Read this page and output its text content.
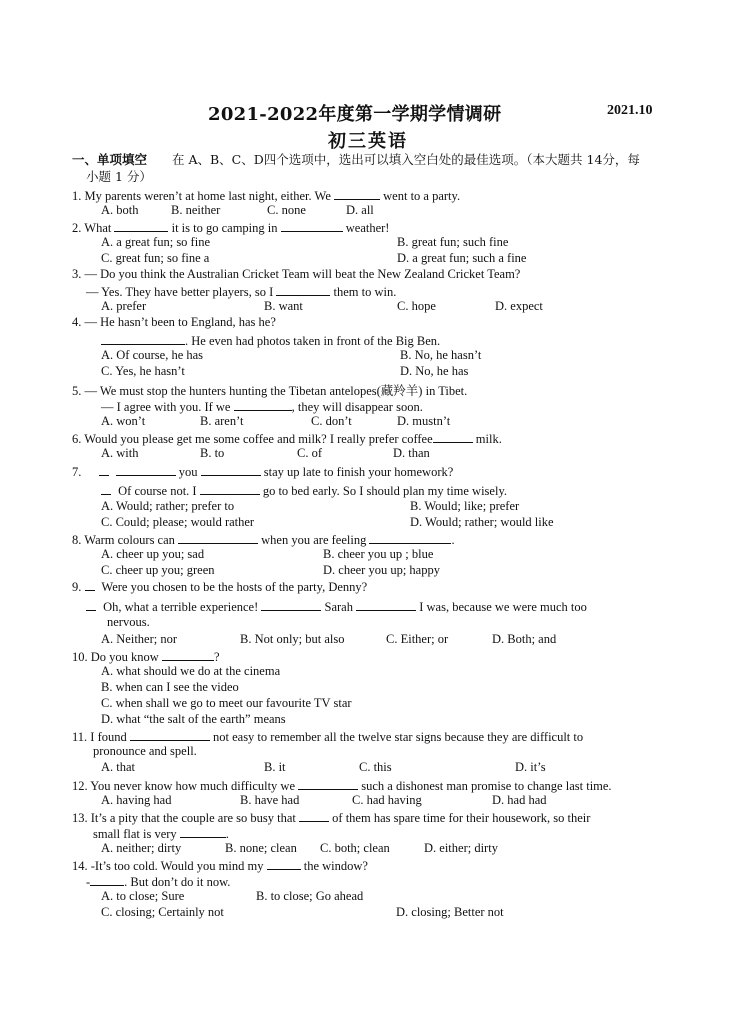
2021-2022年度第一学期学情调研	2021.10
初三英语
一、单项填空 在 A、B、C、D四个选项中，选出可以填入空白处的最佳选项。（本大题共 14分，每
小题 1 分）
1. My parents weren’t at home last night, either. We	went to a party.
A. both	B. neither	C. none	D. all
2. What	it is to go camping in	weather!
A. a great fun; so fine	B. great fun; such fine
C. great fun; so fine a	D. a great fun; such a fine
3. — Do you think the Australian Cricket Team will beat the New Zealand Cricket Team?
— Yes. They have better players, so I	them to win.
A. prefer	B. want	C. hope	D. expect
4. — He hasn’t been to England, has he?
. He even had photos taken in front of the Big Ben.
A. Of course, he has	B. No, he hasn’t
C. Yes, he hasn’t	D. No, he has
5. — We must stop the hunters hunting the Tibetan antelopes(藏羚羊) in Tibet.
— I agree with you. If we	, they will disappear soon.
A. won’t	B. aren’t	C. don’t	D. mustn’t
6. Would you please get me some coffee and milk? I really prefer coffee	milk.
A. with	B. to	C. of	D. than
7.	you	stay up late to finish your homework?
Of course not. I	go to bed early. So I should plan my time wisely.
A. Would; rather; prefer to	B. Would; like; prefer
C. Could; please; would rather	D. Would; rather; would like
8. Warm colours can	when you are feeling	.
A. cheer up you; sad	B. cheer you up ; blue
C. cheer up you; green	D. cheer you up; happy
9. Were you chosen to be the hosts of the party, Denny?
Oh, what a terrible experience!	Sarah	I was, because we were much too
nervous.
A. Neither; nor	B. Not only; but also	C. Either; or	D. Both; and
10. Do you know	?
A. what should we do at the cinema
B. when can I see the video
C. when shall we go to meet our favourite TV star
D. what “the salt of the earth” means
11. I found	not easy to remember all the twelve star signs because they are difficult to
pronounce and spell.
A. that	B. it	C. this	D. it’s
12. You never know how much difficulty we	such a dishonest man promise to change last time.
A. having had	B. have had	C. had having	D. had had
13. It’s a pity that the couple are so busy that	of them has spare time for their housework, so their
small flat is very	.
A. neither; dirty	B. none; clean C. both; clean	D. either; dirty
14. -It’s too cold. Would you mind my	the window?
-	. But don’t do it now.
A. to close; Sure	B. to close; Go ahead
C. closing; Certainly not	D. closing; Better not
